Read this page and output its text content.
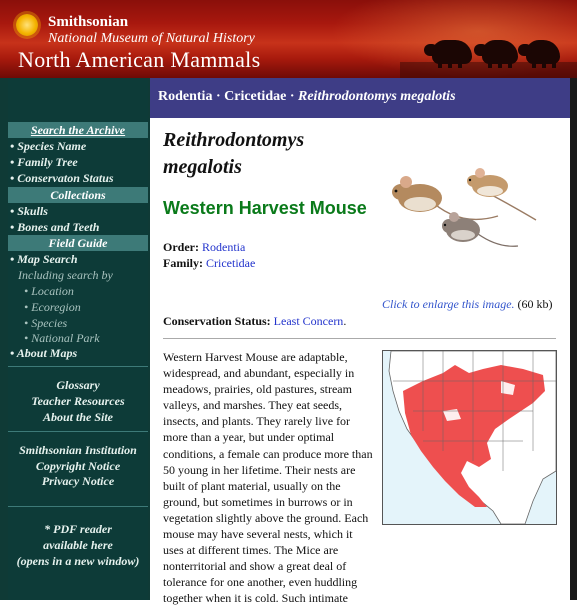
Smithsonian
National Museum of Natural History
North American Mammals
Search the Archive
• Species Name
• Family Tree
• Conservaton Status
Collections
• Skulls
• Bones and Teeth
Field Guide
• Map Search
Including search by
• Location
• Ecoregion
• Species
• National Park
• About Maps
Glossary
Teacher Resources
About the Site
Smithsonian Institution
Copyright Notice
Privacy Notice
* PDF reader
available here
(opens in a new window)
Rodentia · Cricetidae · Reithrodontomys megalotis
Reithrodontomys
megalotis
Western Harvest Mouse
Order: Rodentia
Family: Cricetidae
Click to enlarge this image. (60 kb)
Conservation Status: Least Concern.
Western Harvest Mouse are adaptable, widespread, and abundant, especially in meadows, prairies, old pastures, stream valleys, and marshes. They eat seeds, insects, and plants. They rarely live for more than a year, but under optimal conditions, a female can produce more than 50 young in her lifetime. Their nests are built of plant material, usually on the ground, but sometimes in burrows or in vegetation slightly above the ground. Each mouse may have several nests, which it uses at different times. The Mice are nonterritorial and show a great deal of tolerance for one another, even huddling together when it is cold. Such intimate
